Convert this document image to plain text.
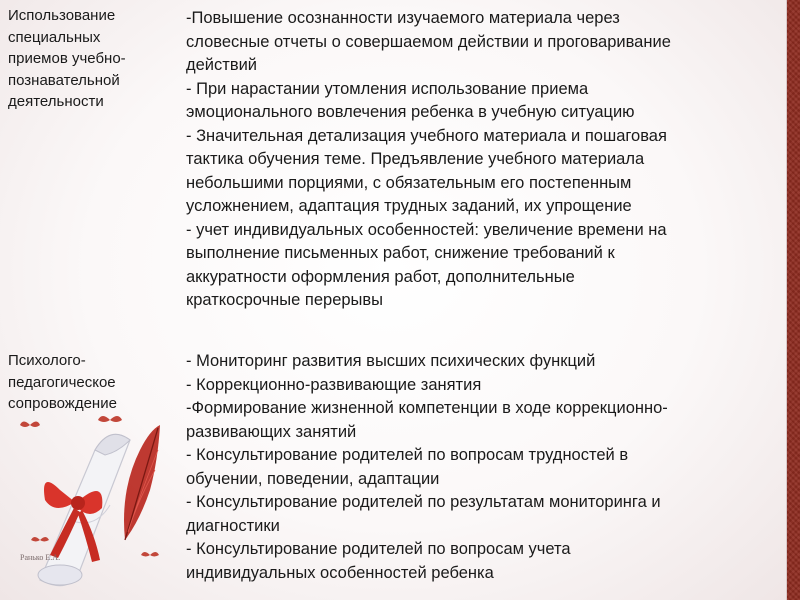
Ранько Е.А.
Использование
специальных
приемов учебно-
познавательной
деятельности
-Повышение осознанности изучаемого материала через
словесные отчеты о совершаемом действии и проговаривание
действий
- При нарастании утомления использование приема
эмоционального вовлечения ребенка в учебную ситуацию
- Значительная детализация учебного материала и пошаговая
тактика обучения теме. Предъявление учебного материала
небольшими порциями, с обязательным его постепенным
усложнением, адаптация трудных заданий, их упрощение
- учет индивидуальных особенностей: увеличение времени на
выполнение письменных работ, снижение требований к
аккуратности оформления работ, дополнительные
краткосрочные перерывы
Психолого-
педагогическое
сопровождение
- Мониторинг развития высших психических функций
- Коррекционно-развивающие занятия
-Формирование жизненной компетенции в ходе коррекционно-
развивающих занятий
- Консультирование родителей по вопросам трудностей в
обучении, поведении, адаптации
- Консультирование родителей по результатам мониторинга и
диагностики
- Консультирование родителей по вопросам учета
индивидуальных особенностей ребенка
